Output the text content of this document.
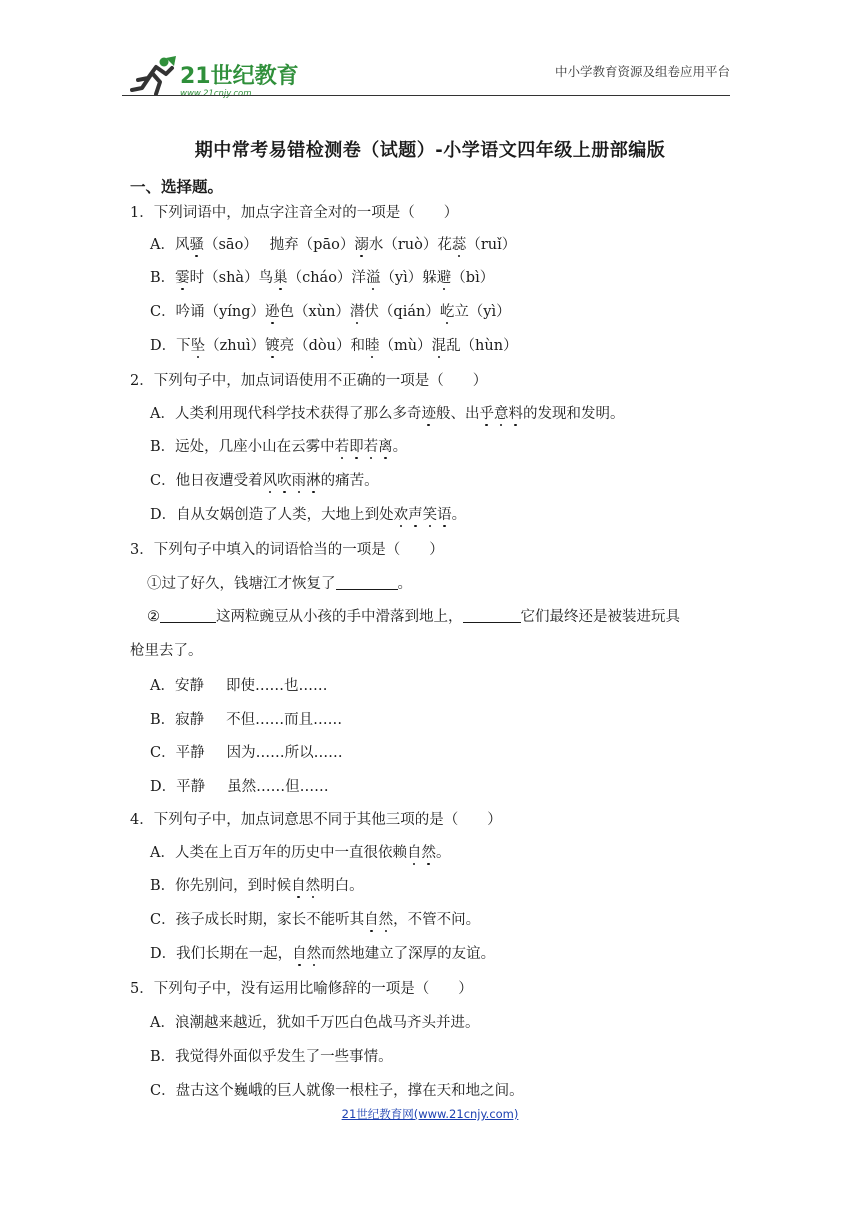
21世纪教育
www.21cnjy.com
中小学教育资源及组卷应用平台
期中常考易错检测卷（试题）-小学语文四年级上册部编版
一、选择题。
1．下列词语中，加点字注音全对的一项是（　　）
A．风骚（sāo）　 抛弃（pāo）溺水（ruò）花蕊（ruǐ）
B．霎时（shà）鸟巢（cháo）洋溢（yì）躲避（bì）
C．吟诵（yíng）逊色（xùn）潜伏（qián）屹立（yì）
D．下坠（zhuì）镀亮（dòu）和睦（mù）混乱（hùn）
2．下列句子中，加点词语使用不正确的一项是（　　）
A．人类利用现代科学技术获得了那么多奇迹般、出乎意料的发现和发明。
B．远处，几座小山在云雾中若即若离。
C．他日夜遭受着风吹雨淋的痛苦。
D．自从女娲创造了人类，大地上到处欢声笑语。
3．下列句子中填入的词语恰当的一项是（　　）
①过了好久，钱塘江才恢复了	。
②	这两粒豌豆从小孩的手中滑落到地上，	它们最终还是被装进玩具
枪里去了。
A．安静 即使……也……
B．寂静 不但……而且……
C．平静 因为……所以……
D．平静 虽然……但……
4．下列句子中，加点词意思不同于其他三项的是（　　）
A．人类在上百万年的历史中一直很依赖自然。
B．你先别问，到时候自然明白。
C．孩子成长时期，家长不能听其自然，不管不问。
D．我们长期在一起，自然而然地建立了深厚的友谊。
5．下列句子中，没有运用比喻修辞的一项是（　　）
A．浪潮越来越近，犹如千万匹白色战马齐头并进。
B．我觉得外面似乎发生了一些事情。
C．盘古这个巍峨的巨人就像一根柱子，撑在天和地之间。
21世纪教育网(www.21cnjy.com)
